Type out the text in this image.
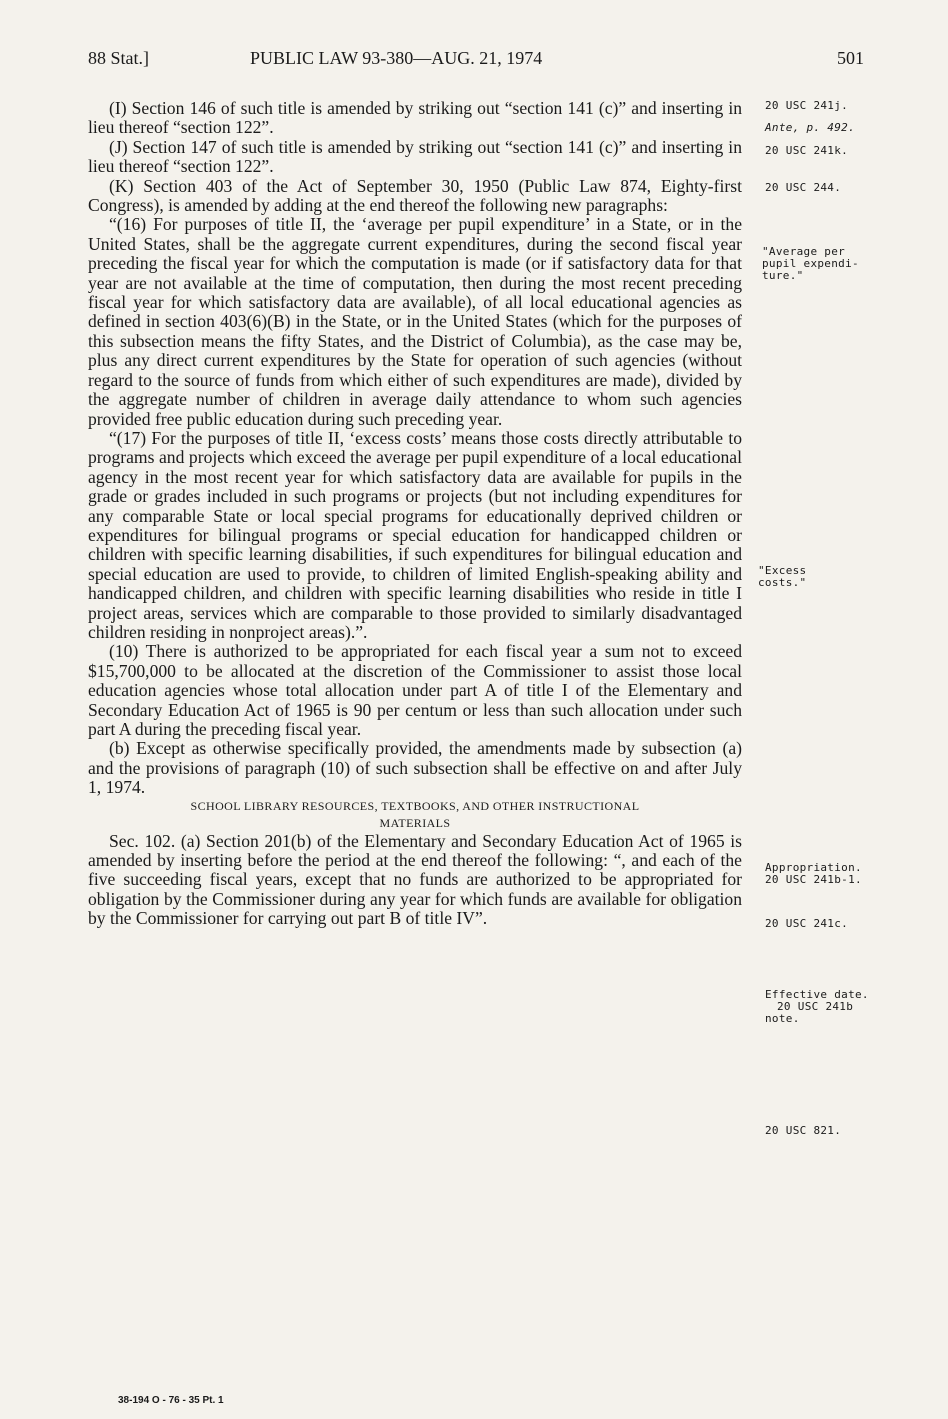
88 Stat.]	PUBLIC LAW 93-380—AUG. 21, 1974	501

(I) Section 146 of such title is amended by striking out “section 141 (c)” and inserting in lieu thereof “section 122”.

(J) Section 147 of such title is amended by striking out “section 141 (c)” and inserting in lieu thereof “section 122”.

(K) Section 403 of the Act of September 30, 1950 (Public Law 874, Eighty-first Congress), is amended by adding at the end thereof the following new paragraphs:

“(16) For purposes of title II, the ‘average per pupil expenditure’ in a State, or in the United States, shall be the aggregate current expenditures, during the second fiscal year preceding the fiscal year for which the computation is made (or if satisfactory data for that year are not available at the time of computation, then during the most recent preceding fiscal year for which satisfactory data are available), of all local educational agencies as defined in section 403(6)(B) in the State, or in the United States (which for the purposes of this subsection means the fifty States, and the District of Columbia), as the case may be, plus any direct current expenditures by the State for operation of such agencies (without regard to the source of funds from which either of such expenditures are made), divided by the aggregate number of children in average daily attendance to whom such agencies provided free public education during such preceding year.

“(17) For the purposes of title II, ‘excess costs’ means those costs directly attributable to programs and projects which exceed the average per pupil expenditure of a local educational agency in the most recent year for which satisfactory data are available for pupils in the grade or grades included in such programs or projects (but not including expenditures for any comparable State or local special programs for educationally deprived children or expenditures for bilingual programs or special education for handicapped children or children with specific learning disabilities, if such expenditures for bilingual education and special education are used to provide, to children of limited English-speaking ability and handicapped children, and children with specific learning disabilities who reside in title I project areas, services which are comparable to those provided to similarly disadvantaged children residing in nonproject areas).”.

(10) There is authorized to be appropriated for each fiscal year a sum not to exceed $15,700,000 to be allocated at the discretion of the Commissioner to assist those local education agencies whose total allocation under part A of title I of the Elementary and Secondary Education Act of 1965 is 90 per centum or less than such allocation under such part A during the preceding fiscal year.

(b) Except as otherwise specifically provided, the amendments made by subsection (a) and the provisions of paragraph (10) of such subsection shall be effective on and after July 1, 1974.

SCHOOL LIBRARY RESOURCES, TEXTBOOKS, AND OTHER INSTRUCTIONAL
MATERIALS

Sec. 102. (a) Section 201(b) of the Elementary and Secondary Education Act of 1965 is amended by inserting before the period at the end thereof the following: “, and each of the five succeeding fiscal years, except that no funds are authorized to be appropriated for obligation by the Commissioner during any year for which funds are available for obligation by the Commissioner for carrying out part B of title IV”.

20 USC 241j.
Ante, p. 492.
20 USC 241k.
20 USC 244.
"Average per
pupil expendi-
ture."
"Excess
costs."
Appropriation.
20 USC 241b-1.
20 USC 241c.
Effective date.
20 USC 241b
note.
20 USC 821.
38-194 O - 76 - 35 Pt. 1
